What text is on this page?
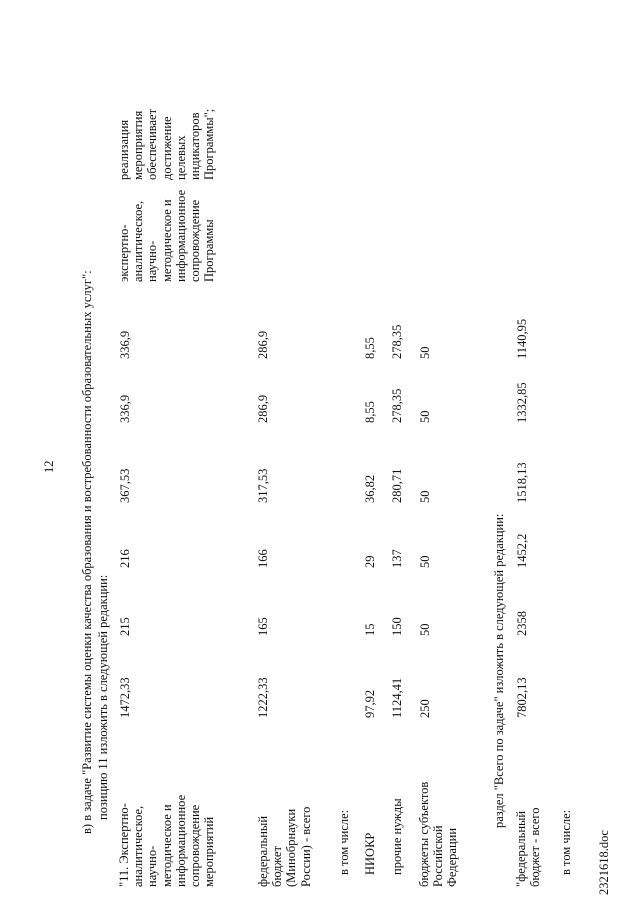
12 в) в задаче "Развитие системы оценки качества образования и востребованности образовательных услуг": позицию 11 изложить в следующей редакции:
"11. Экспертно-
аналитическое,
научно-
методическое и
информационное
сопровождение
мероприятий
1472,33
215
216
367,53
336,9
336,9
экспертно-
аналитическое,
научно-
методическое и
информационное
сопровождение
Программы
реализация
мероприятия
обеспечивает
достижение
целевых
индикаторов
Программы";
федеральный
бюджет
(Минобрнауки
России) - всего
1222,33
165
166
317,53
286,9
286,9
в том числе: НИОКР
97,92
15
29
36,82
8,55
8,55
прочие нужды
1124,41
150
137
280,71
278,35
278,35
бюджеты субъектов
Российской
Федерации
250
50
50
50
50
50
раздел "Всего по задаче" изложить в следующей редакции:
"федеральный
бюджет - всего
7802,13
2358
1452,2
1518,13
1332,85
1140,95
в том числе: 2321618.doc
